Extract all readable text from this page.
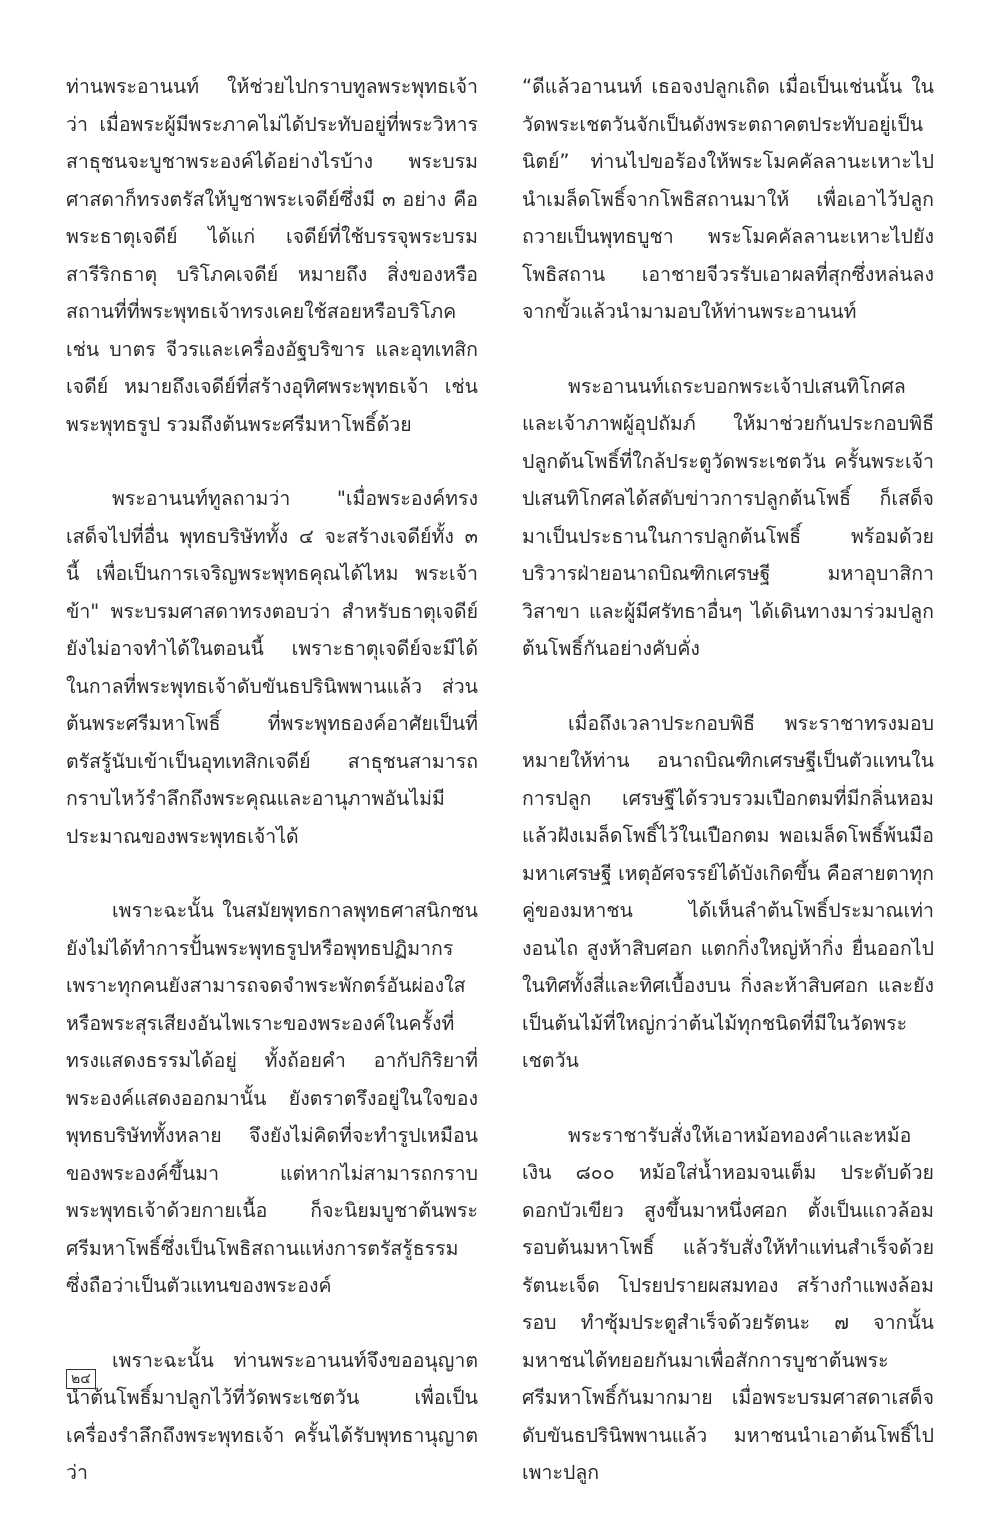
ท่านพระอานนท์ ให้ช่วยไปกราบทูลพระพุทธเจ้าว่า เมื่อพระผู้มีพระภาคไม่ได้ประทับอยู่ที่พระวิหาร สาธุชนจะบูชาพระองค์ได้อย่างไรบ้าง พระบรมศาสดาก็ทรงตรัสให้บูชาพระเจดีย์ซึ่งมี ๓ อย่าง คือ พระธาตุเจดีย์ ได้แก่ เจดีย์ที่ใช้บรรจุพระบรมสารีริกธาตุ บริโภคเจดีย์ หมายถึง สิ่งของหรือสถานที่ที่พระพุทธเจ้าทรงเคยใช้สอยหรือบริโภค เช่น บาตร จีวรและเครื่องอัฐบริขาร และอุทเทสิกเจดีย์ หมายถึงเจดีย์ที่สร้างอุทิศพระพุทธเจ้า เช่น พระพุทธรูป รวมถึงต้นพระศรีมหาโพธิ์ด้วย

พระอานนท์ทูลถามว่า "เมื่อพระองค์ทรงเสด็จไปที่อื่น พุทธบริษัททั้ง ๔ จะสร้างเจดีย์ทั้ง ๓ นี้ เพื่อเป็นการเจริญพระพุทธคุณได้ไหม พระเจ้าข้า" พระบรมศาสดาทรงตอบว่า สำหรับธาตุเจดีย์ยังไม่อาจทำได้ในตอนนี้ เพราะธาตุเจดีย์จะมีได้ในกาลที่พระพุทธเจ้าดับขันธปรินิพพานแล้ว ส่วนต้นพระศรีมหาโพธิ์ ที่พระพุทธองค์อาศัยเป็นที่ตรัสรู้นับเข้าเป็นอุทเทสิกเจดีย์ สาธุชนสามารถกราบไหว้รำลึกถึงพระคุณและอานุภาพอันไม่มีประมาณของพระพุทธเจ้าได้

เพราะฉะนั้น ในสมัยพุทธกาลพุทธศาสนิกชนยังไม่ได้ทำการปั้นพระพุทธรูปหรือพุทธปฏิมากร เพราะทุกคนยังสามารถจดจำพระพักตร์อันผ่องใสหรือพระสุรเสียงอันไพเราะของพระองค์ในครั้งที่ทรงแสดงธรรมได้อยู่ ทั้งถ้อยคำ อากัปกิริยาที่พระองค์แสดงออกมานั้น ยังตราตรึงอยู่ในใจของพุทธบริษัททั้งหลาย จึงยังไม่คิดที่จะทำรูปเหมือนของพระองค์ขึ้นมา แต่หากไม่สามารถกราบพระพุทธเจ้าด้วยกายเนื้อ ก็จะนิยมบูชาต้นพระศรีมหาโพธิ์ซึ่งเป็นโพธิสถานแห่งการตรัสรู้ธรรม ซึ่งถือว่าเป็นตัวแทนของพระองค์

เพราะฉะนั้น ท่านพระอานนท์จึงขออนุญาตนำต้นโพธิ์มาปลูกไว้ที่วัดพระเชตวัน เพื่อเป็นเครื่องรำลึกถึงพระพุทธเจ้า ครั้นได้รับพุทธานุญาตว่า

“ดีแล้วอานนท์ เธอจงปลูกเถิด เมื่อเป็นเช่นนั้น ในวัดพระเชตวันจักเป็นดังพระตถาคตประทับอยู่เป็นนิตย์” ท่านไปขอร้องให้พระโมคคัลลานะเหาะไปนำเมล็ดโพธิ์จากโพธิสถานมาให้ เพื่อเอาไว้ปลูกถวายเป็นพุทธบูชา พระโมคคัลลานะเหาะไปยังโพธิสถาน เอาชายจีวรรับเอาผลที่สุกซึ่งหล่นลงจากขั้วแล้วนำมามอบให้ท่านพระอานนท์

พระอานนท์เถระบอกพระเจ้าปเสนทิโกศลและเจ้าภาพผู้อุปถัมภ์ ให้มาช่วยกันประกอบพิธีปลูกต้นโพธิ์ที่ใกล้ประตูวัดพระเชตวัน ครั้นพระเจ้าปเสนทิโกศลได้สดับข่าวการปลูกต้นโพธิ์ ก็เสด็จมาเป็นประธานในการปลูกต้นโพธิ์ พร้อมด้วยบริวารฝ่ายอนาถบิณฑิกเศรษฐี มหาอุบาสิกาวิสาขา และผู้มีศรัทธาอื่นๆ ได้เดินทางมาร่วมปลูกต้นโพธิ์กันอย่างคับคั่ง

เมื่อถึงเวลาประกอบพิธี พระราชาทรงมอบหมายให้ท่าน อนาถบิณฑิกเศรษฐีเป็นตัวแทนในการปลูก เศรษฐีได้รวบรวมเปือกตมที่มีกลิ่นหอมแล้วฝังเมล็ดโพธิ์ไว้ในเปือกตม พอเมล็ดโพธิ์พ้นมือมหาเศรษฐี เหตุอัศจรรย์ได้บังเกิดขึ้น คือสายตาทุกคู่ของมหาชน ได้เห็นลำต้นโพธิ์ประมาณเท่างอนไถ สูงห้าสิบศอก แตกกิ่งใหญ่ห้ากิ่ง ยื่นออกไปในทิศทั้งสี่และทิศเบื้องบน กิ่งละห้าสิบศอก และยังเป็นต้นไม้ที่ใหญ่กว่าต้นไม้ทุกชนิดที่มีในวัดพระเชตวัน

พระราชารับสั่งให้เอาหม้อทองคำและหม้อเงิน ๘๐๐ หม้อใส่น้ำหอมจนเต็ม ประดับด้วยดอกบัวเขียว สูงขึ้นมาหนึ่งศอก ตั้งเป็นแถวล้อมรอบต้นมหาโพธิ์ แล้วรับสั่งให้ทำแท่นสำเร็จด้วยรัตนะเจ็ด โปรยปรายผสมทอง สร้างกำแพงล้อมรอบ ทำซุ้มประตูสำเร็จด้วยรัตนะ ๗ จากนั้นมหาชนได้ทยอยกันมาเพื่อสักการบูชาต้นพระศรีมหาโพธิ์กันมากมาย เมื่อพระบรมศาสดาเสด็จดับขันธปรินิพพานแล้ว มหาชนนำเอาต้นโพธิ์ไปเพาะปลูก

๒๔
